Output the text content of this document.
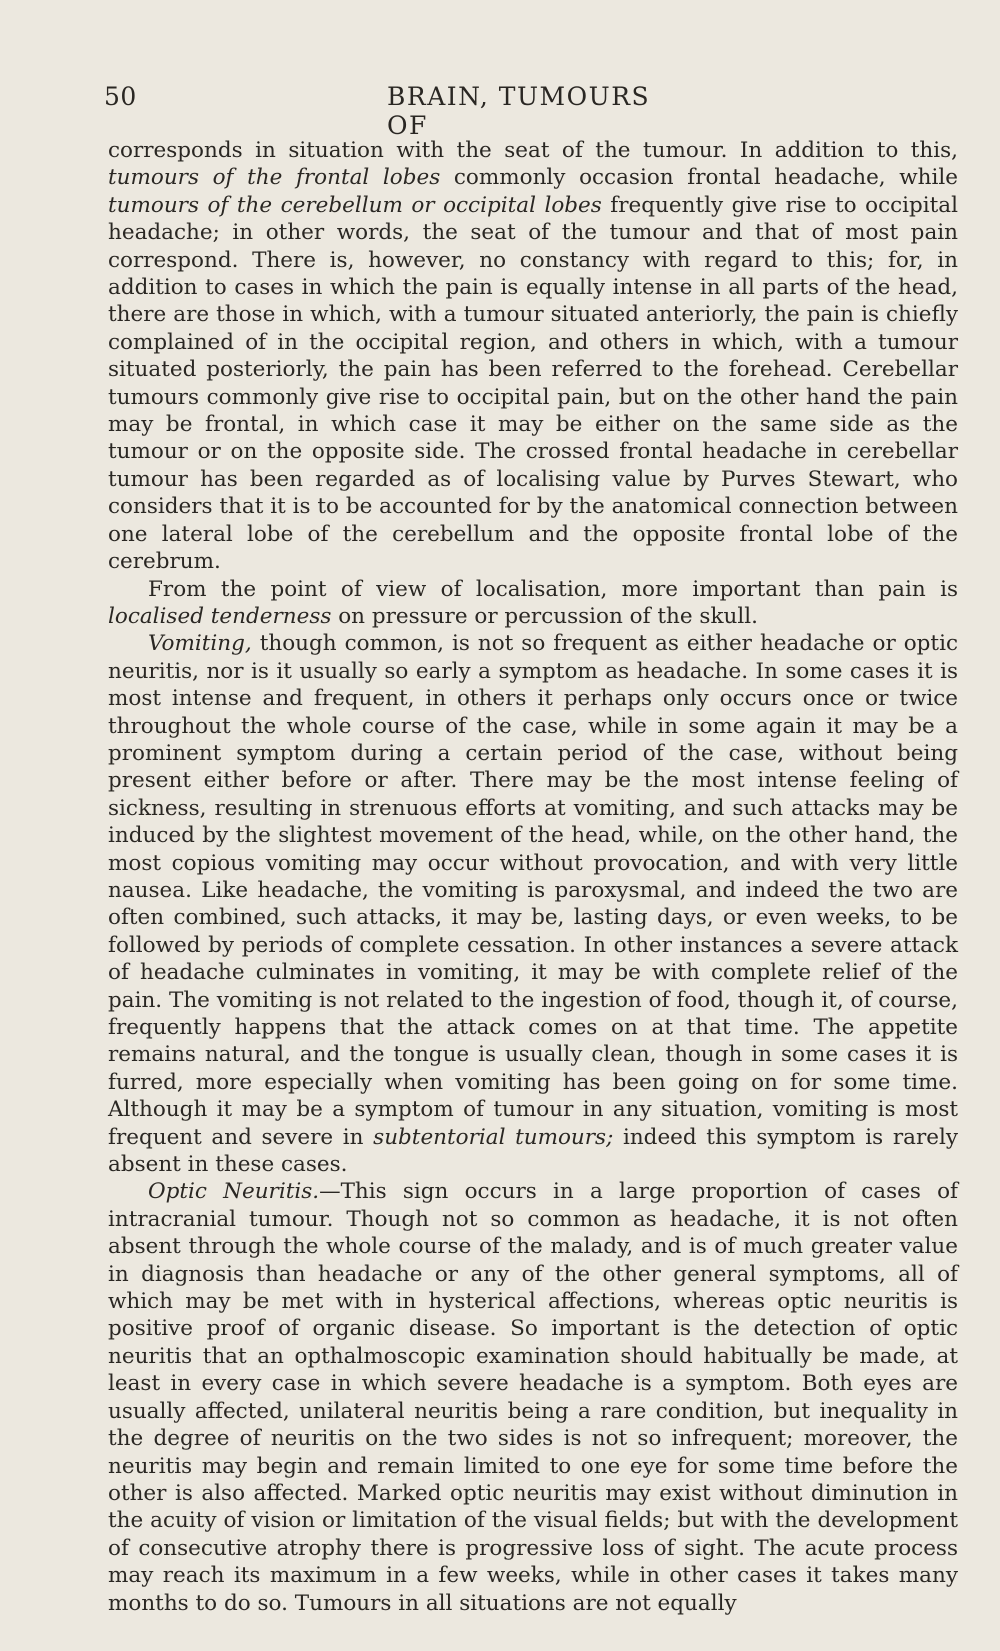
50	BRAIN, TUMOURS OF

corresponds in situation with the seat of the tumour. In addition to this, tumours of the frontal lobes commonly occasion frontal headache, while tumours of the cerebellum or occipital lobes frequently give rise to occipital headache; in other words, the seat of the tumour and that of most pain correspond. There is, however, no constancy with regard to this; for, in addition to cases in which the pain is equally intense in all parts of the head, there are those in which, with a tumour situated anteriorly, the pain is chiefly complained of in the occipital region, and others in which, with a tumour situated posteriorly, the pain has been referred to the forehead. Cerebellar tumours commonly give rise to occipital pain, but on the other hand the pain may be frontal, in which case it may be either on the same side as the tumour or on the opposite side. The crossed frontal headache in cerebellar tumour has been regarded as of localising value by Purves Stewart, who considers that it is to be accounted for by the anatomical connection between one lateral lobe of the cerebellum and the opposite frontal lobe of the cerebrum.

From the point of view of localisation, more important than pain is localised tenderness on pressure or percussion of the skull.

Vomiting, though common, is not so frequent as either headache or optic neuritis, nor is it usually so early a symptom as headache. In some cases it is most intense and frequent, in others it perhaps only occurs once or twice throughout the whole course of the case, while in some again it may be a prominent symptom during a certain period of the case, without being present either before or after. There may be the most intense feeling of sickness, resulting in strenuous efforts at vomiting, and such attacks may be induced by the slightest movement of the head, while, on the other hand, the most copious vomiting may occur without provocation, and with very little nausea. Like headache, the vomiting is paroxysmal, and indeed the two are often combined, such attacks, it may be, lasting days, or even weeks, to be followed by periods of complete cessation. In other instances a severe attack of headache culminates in vomiting, it may be with complete relief of the pain. The vomiting is not related to the ingestion of food, though it, of course, frequently happens that the attack comes on at that time. The appetite remains natural, and the tongue is usually clean, though in some cases it is furred, more especially when vomiting has been going on for some time. Although it may be a symptom of tumour in any situation, vomiting is most frequent and severe in subtentorial tumours; indeed this symptom is rarely absent in these cases.

Optic Neuritis.—This sign occurs in a large proportion of cases of intracranial tumour. Though not so common as headache, it is not often absent through the whole course of the malady, and is of much greater value in diagnosis than headache or any of the other general symptoms, all of which may be met with in hysterical affections, whereas optic neuritis is positive proof of organic disease. So important is the detection of optic neuritis that an opthalmoscopic examination should habitually be made, at least in every case in which severe headache is a symptom. Both eyes are usually affected, unilateral neuritis being a rare condition, but inequality in the degree of neuritis on the two sides is not so infrequent; moreover, the neuritis may begin and remain limited to one eye for some time before the other is also affected. Marked optic neuritis may exist without diminution in the acuity of vision or limitation of the visual fields; but with the development of consecutive atrophy there is progressive loss of sight. The acute process may reach its maximum in a few weeks, while in other cases it takes many months to do so. Tumours in all situations are not equally
